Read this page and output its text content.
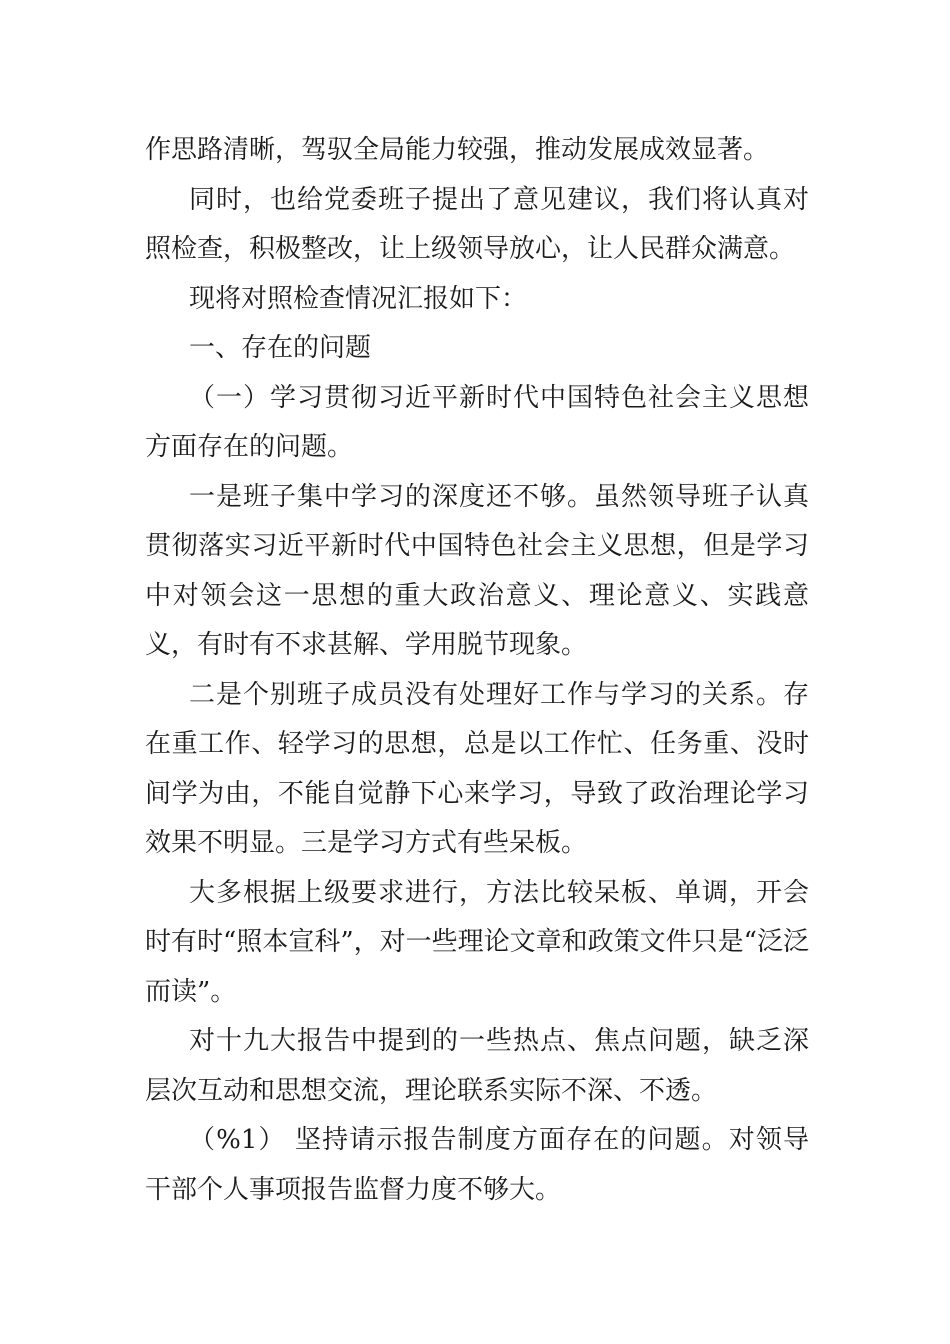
作思路清晰，驾驭全局能力较强，推动发展成效显著。

同时，也给党委班子提出了意见建议，我们将认真对照检查，积极整改，让上级领导放心，让人民群众满意。

现将对照检查情况汇报如下：

一、存在的问题

（一）学习贯彻习近平新时代中国特色社会主义思想方面存在的问题。

一是班子集中学习的深度还不够。虽然领导班子认真贯彻落实习近平新时代中国特色社会主义思想，但是学习中对领会这一思想的重大政治意义、理论意义、实践意义，有时有不求甚解、学用脱节现象。

二是个别班子成员没有处理好工作与学习的关系。存在重工作、轻学习的思想，总是以工作忙、任务重、没时间学为由，不能自觉静下心来学习，导致了政治理论学习效果不明显。三是学习方式有些呆板。

大多根据上级要求进行，方法比较呆板、单调，开会时有时“照本宣科”，对一些理论文章和政策文件只是“泛泛而读”。

对十九大报告中提到的一些热点、焦点问题，缺乏深层次互动和思想交流，理论联系实际不深、不透。

（%1） 坚持请示报告制度方面存在的问题。对领导干部个人事项报告监督力度不够大。
